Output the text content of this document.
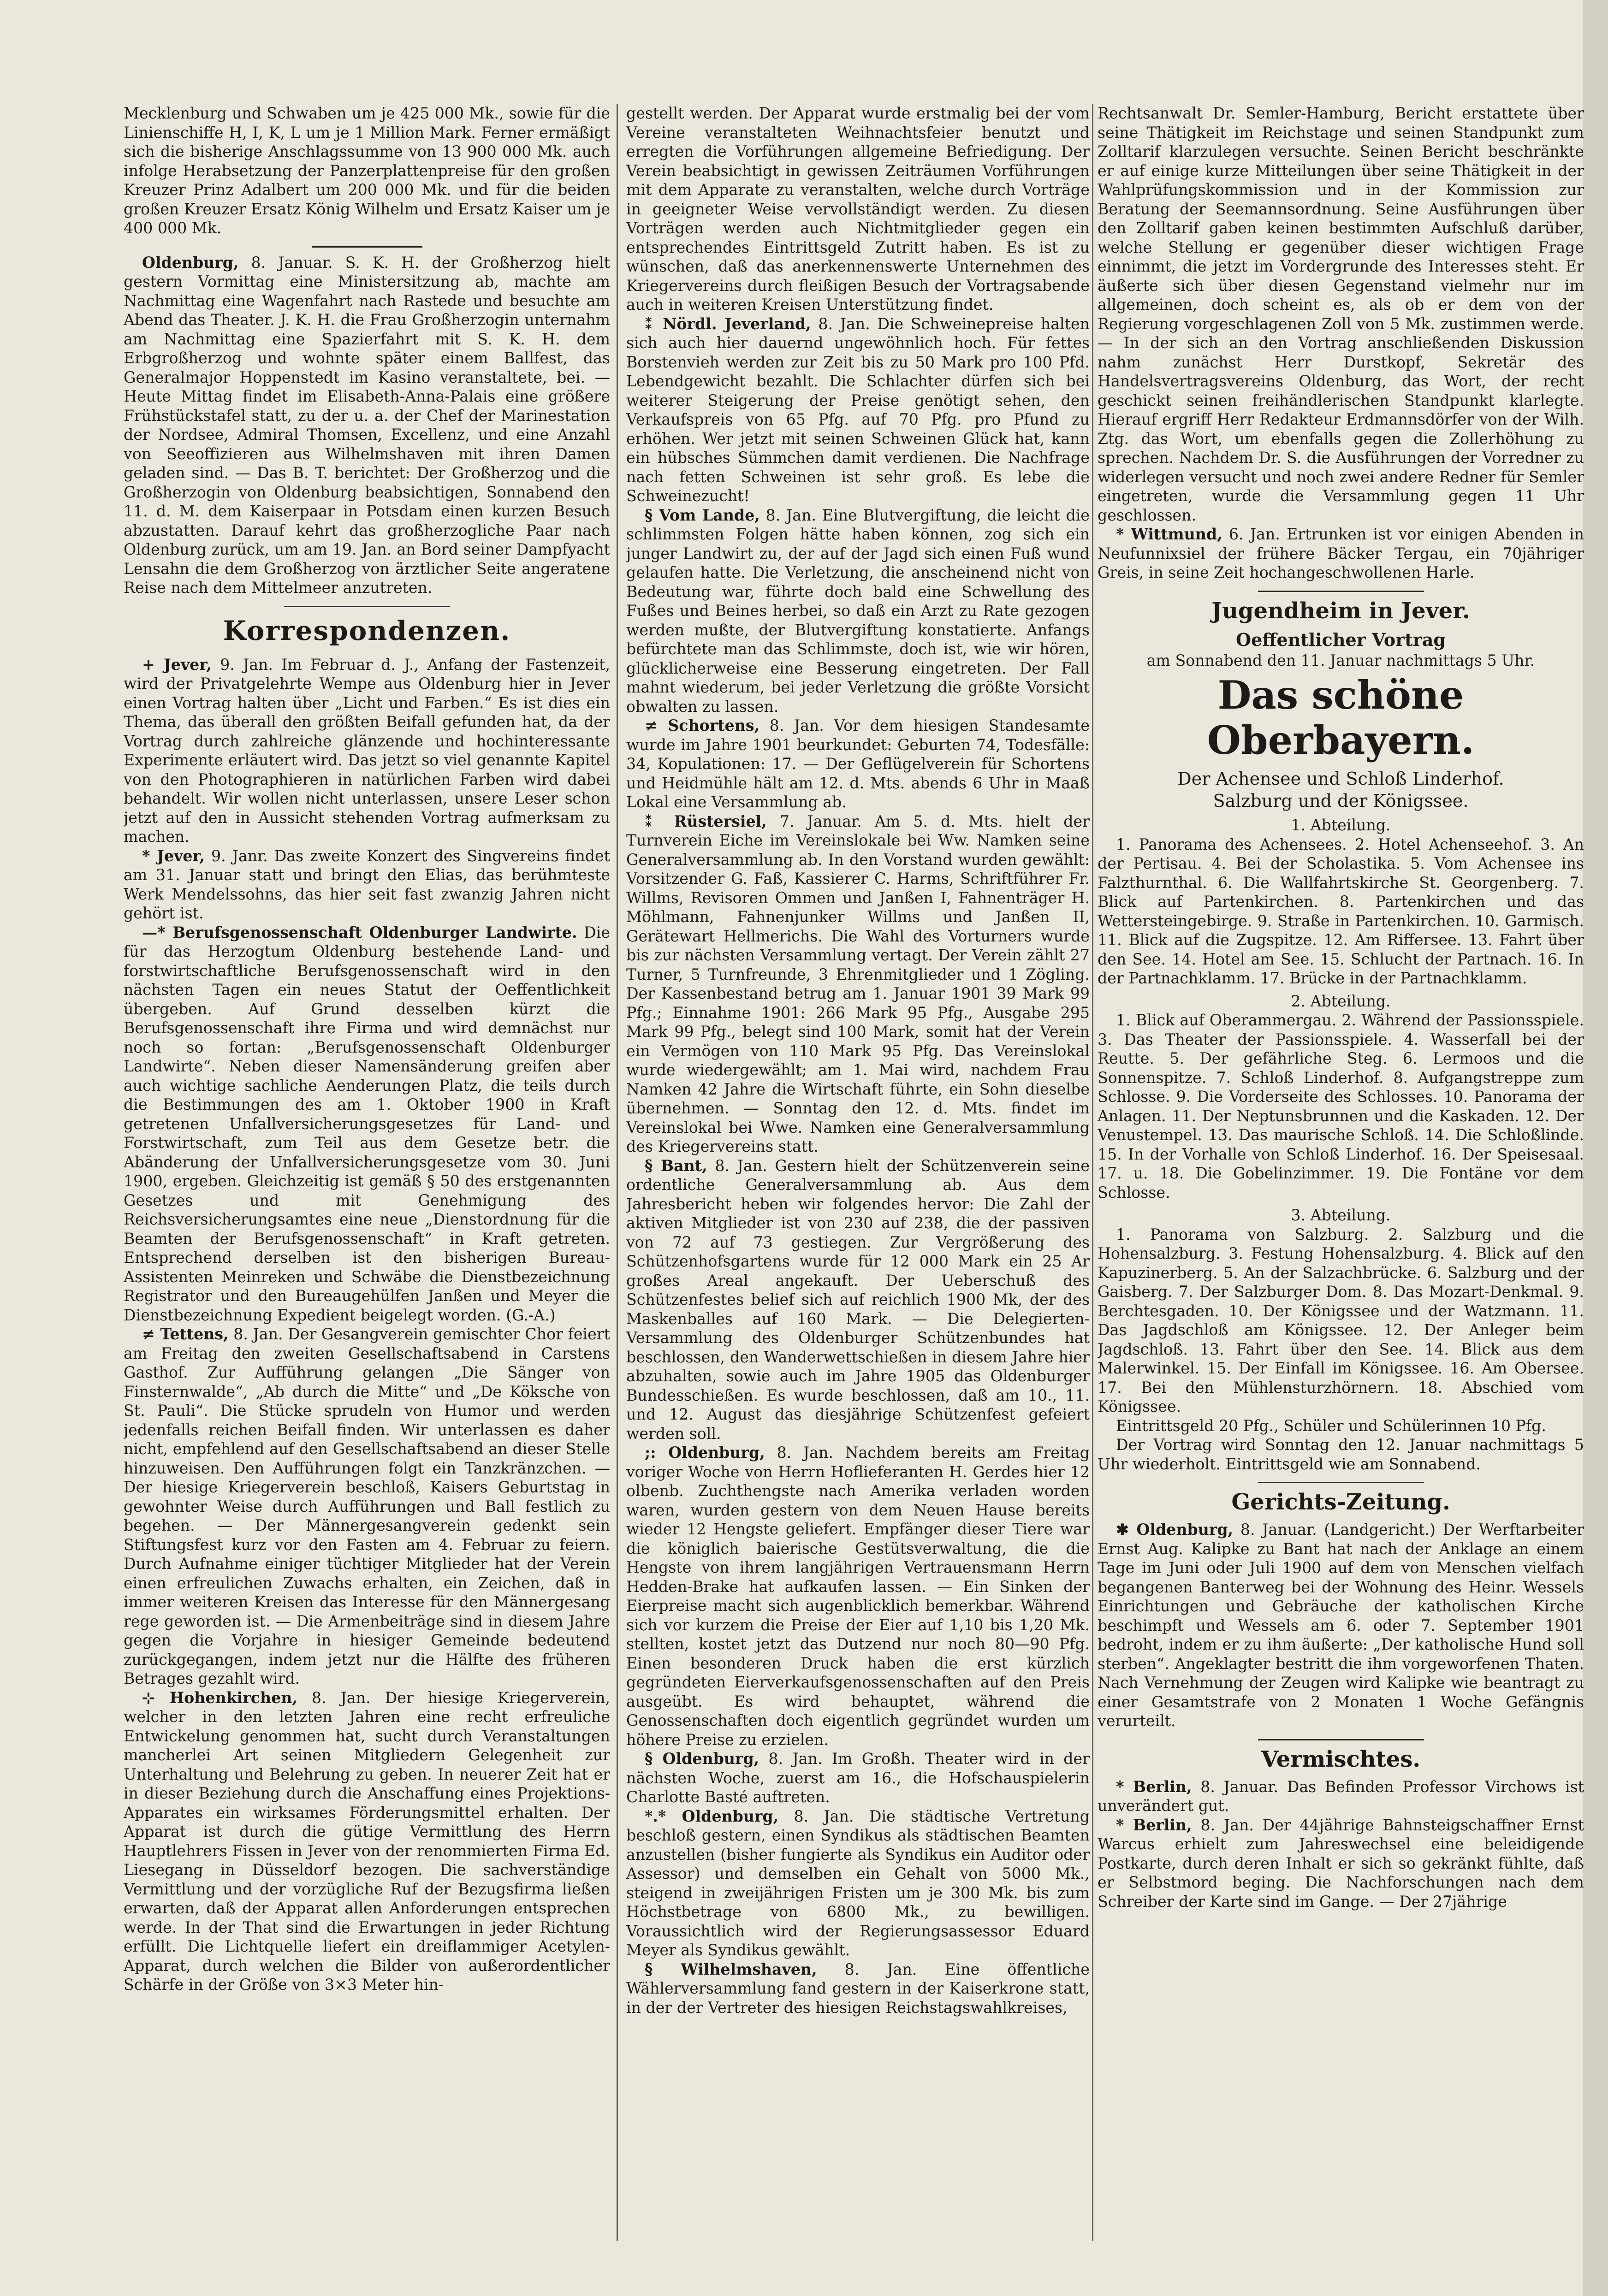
Mecklenburg und Schwaben um je 425 000 Mk., sowie für die Linienschiffe H, I, K, L um je 1 Million Mark. Ferner ermäßigt sich die bisherige Anschlagssumme von 13 900 000 Mk. auch infolge Herabsetzung der Panzerplattenpreise für den großen Kreuzer Prinz Adalbert um 200 000 Mk. und für die beiden großen Kreuzer Ersatz König Wilhelm und Ersatz Kaiser um je 400 000 Mk.

Oldenburg, 8. Januar. S. K. H. der Großherzog hielt gestern Vormittag eine Ministersitzung ab, machte am Nachmittag eine Wagenfahrt nach Rastede und besuchte am Abend das Theater. J. K. H. die Frau Großherzogin unternahm am Nachmittag eine Spazierfahrt mit S. K. H. dem Erbgroßherzog und wohnte später einem Ballfest, das Generalmajor Hoppenstedt im Kasino veranstaltete, bei. — Heute Mittag findet im Elisabeth-Anna-Palais eine größere Frühstückstafel statt, zu der u. a. der Chef der Marinestation der Nordsee, Admiral Thomsen, Excellenz, und eine Anzahl von Seeoffizieren aus Wilhelmshaven mit ihren Damen geladen sind. — Das B. T. berichtet: Der Großherzog und die Großherzogin von Oldenburg beabsichtigen, Sonnabend den 11. d. M. dem Kaiserpaar in Potsdam einen kurzen Besuch abzustatten. Darauf kehrt das großherzogliche Paar nach Oldenburg zurück, um am 19. Jan. an Bord seiner Dampfyacht Lensahn die dem Großherzog von ärztlicher Seite angeratene Reise nach dem Mittelmeer anzutreten.

Korrespondenzen.

+ Jever, 9. Jan. Im Februar d. J., Anfang der Fastenzeit, wird der Privatgelehrte Wempe aus Oldenburg hier in Jever einen Vortrag halten über „Licht und Farben.“ Es ist dies ein Thema, das überall den größten Beifall gefunden hat, da der Vortrag durch zahlreiche glänzende und hochinteressante Experimente erläutert wird. Das jetzt so viel genannte Kapitel von den Photographieren in natürlichen Farben wird dabei behandelt. Wir wollen nicht unterlassen, unsere Leser schon jetzt auf den in Aussicht stehenden Vortrag aufmerksam zu machen.

* Jever, 9. Janr. Das zweite Konzert des Singvereins findet am 31. Januar statt und bringt den Elias, das berühmteste Werk Mendelssohns, das hier seit fast zwanzig Jahren nicht gehört ist.

—* Berufsgenossenschaft Oldenburger Landwirte. Die für das Herzogtum Oldenburg bestehende Land- und forstwirtschaftliche Berufsgenossenschaft wird in den nächsten Tagen ein neues Statut der Oeffentlichkeit übergeben. Auf Grund desselben kürzt die Berufsgenossenschaft ihre Firma und wird demnächst nur noch so fortan: „Berufsgenossenschaft Oldenburger Landwirte“. Neben dieser Namensänderung greifen aber auch wichtige sachliche Aenderungen Platz, die teils durch die Bestimmungen des am 1. Oktober 1900 in Kraft getretenen Unfallversicherungsgesetzes für Land- und Forstwirtschaft, zum Teil aus dem Gesetze betr. die Abänderung der Unfallversicherungsgesetze vom 30. Juni 1900, ergeben. Gleichzeitig ist gemäß § 50 des erstgenannten Gesetzes und mit Genehmigung des Reichsversicherungsamtes eine neue „Dienstordnung für die Beamten der Berufsgenossenschaft“ in Kraft getreten. Entsprechend derselben ist den bisherigen Bureau-Assistenten Meinreken und Schwäbe die Dienstbezeichnung Registrator und den Bureaugehülfen Janßen und Meyer die Dienstbezeichnung Expedient beigelegt worden. (G.-A.)

≠ Tettens, 8. Jan. Der Gesangverein gemischter Chor feiert am Freitag den zweiten Gesellschaftsabend in Carstens Gasthof. Zur Aufführung gelangen „Die Sänger von Finsternwalde“, „Ab durch die Mitte“ und „De Köksche von St. Pauli“. Die Stücke sprudeln von Humor und werden jedenfalls reichen Beifall finden. Wir unterlassen es daher nicht, empfehlend auf den Gesellschaftsabend an dieser Stelle hinzuweisen. Den Aufführungen folgt ein Tanzkränzchen. — Der hiesige Kriegerverein beschloß, Kaisers Geburtstag in gewohnter Weise durch Aufführungen und Ball festlich zu begehen. — Der Männergesangverein gedenkt sein Stiftungsfest kurz vor den Fasten am 4. Februar zu feiern. Durch Aufnahme einiger tüchtiger Mitglieder hat der Verein einen erfreulichen Zuwachs erhalten, ein Zeichen, daß in immer weiteren Kreisen das Interesse für den Männergesang rege geworden ist. — Die Armenbeiträge sind in diesem Jahre gegen die Vorjahre in hiesiger Gemeinde bedeutend zurückgegangen, indem jetzt nur die Hälfte des früheren Betrages gezahlt wird.

⊹ Hohenkirchen, 8. Jan. Der hiesige Kriegerverein, welcher in den letzten Jahren eine recht erfreuliche Entwickelung genommen hat, sucht durch Veranstaltungen mancherlei Art seinen Mitgliedern Gelegenheit zur Unterhaltung und Belehrung zu geben. In neuerer Zeit hat er in dieser Beziehung durch die Anschaffung eines Projektions-Apparates ein wirksames Förderungsmittel erhalten. Der Apparat ist durch die gütige Vermittlung des Herrn Hauptlehrers Fissen in Jever von der renommierten Firma Ed. Liesegang in Düsseldorf bezogen. Die sachverständige Vermittlung und der vorzügliche Ruf der Bezugsfirma ließen erwarten, daß der Apparat allen Anforderungen entsprechen werde. In der That sind die Erwartungen in jeder Richtung erfüllt. Die Lichtquelle liefert ein dreiflammiger Acetylen-Apparat, durch welchen die Bilder von außerordentlicher Schärfe in der Größe von 3×3 Meter hin-

gestellt werden. Der Apparat wurde erstmalig bei der vom Vereine veranstalteten Weihnachtsfeier benutzt und erregten die Vorführungen allgemeine Befriedigung. Der Verein beabsichtigt in gewissen Zeiträumen Vorführungen mit dem Apparate zu veranstalten, welche durch Vorträge in geeigneter Weise vervollständigt werden. Zu diesen Vorträgen werden auch Nichtmitglieder gegen ein entsprechendes Eintrittsgeld Zutritt haben. Es ist zu wünschen, daß das anerkennenswerte Unternehmen des Kriegervereins durch fleißigen Besuch der Vortragsabende auch in weiteren Kreisen Unterstützung findet.

⁑ Nördl. Jeverland, 8. Jan. Die Schweinepreise halten sich auch hier dauernd ungewöhnlich hoch. Für fettes Borstenvieh werden zur Zeit bis zu 50 Mark pro 100 Pfd. Lebendgewicht bezahlt. Die Schlachter dürfen sich bei weiterer Steigerung der Preise genötigt sehen, den Verkaufspreis von 65 Pfg. auf 70 Pfg. pro Pfund zu erhöhen. Wer jetzt mit seinen Schweinen Glück hat, kann ein hübsches Sümmchen damit verdienen. Die Nachfrage nach fetten Schweinen ist sehr groß. Es lebe die Schweinezucht!

§ Vom Lande, 8. Jan. Eine Blutvergiftung, die leicht die schlimmsten Folgen hätte haben können, zog sich ein junger Landwirt zu, der auf der Jagd sich einen Fuß wund gelaufen hatte. Die Verletzung, die anscheinend nicht von Bedeutung war, führte doch bald eine Schwellung des Fußes und Beines herbei, so daß ein Arzt zu Rate gezogen werden mußte, der Blutvergiftung konstatierte. Anfangs befürchtete man das Schlimmste, doch ist, wie wir hören, glücklicherweise eine Besserung eingetreten. Der Fall mahnt wiederum, bei jeder Verletzung die größte Vorsicht obwalten zu lassen.

≠ Schortens, 8. Jan. Vor dem hiesigen Standesamte wurde im Jahre 1901 beurkundet: Geburten 74, Todesfälle: 34, Kopulationen: 17. — Der Geflügelverein für Schortens und Heidmühle hält am 12. d. Mts. abends 6 Uhr in Maaß Lokal eine Versammlung ab.

⁑ Rüstersiel, 7. Januar. Am 5. d. Mts. hielt der Turnverein Eiche im Vereinslokale bei Ww. Namken seine Generalversammlung ab. In den Vorstand wurden gewählt: Vorsitzender G. Faß, Kassierer C. Harms, Schriftführer Fr. Willms, Revisoren Ommen und Janßen I, Fahnenträger H. Möhlmann, Fahnenjunker Willms und Janßen II, Gerätewart Hellmerichs. Die Wahl des Vorturners wurde bis zur nächsten Versammlung vertagt. Der Verein zählt 27 Turner, 5 Turnfreunde, 3 Ehrenmitglieder und 1 Zögling. Der Kassenbestand betrug am 1. Januar 1901 39 Mark 99 Pfg.; Einnahme 1901: 266 Mark 95 Pfg., Ausgabe 295 Mark 99 Pfg., belegt sind 100 Mark, somit hat der Verein ein Vermögen von 110 Mark 95 Pfg. Das Vereinslokal wurde wiedergewählt; am 1. Mai wird, nachdem Frau Namken 42 Jahre die Wirtschaft führte, ein Sohn dieselbe übernehmen. — Sonntag den 12. d. Mts. findet im Vereinslokal bei Wwe. Namken eine Generalversammlung des Kriegervereins statt.

§ Bant, 8. Jan. Gestern hielt der Schützenverein seine ordentliche Generalversammlung ab. Aus dem Jahresbericht heben wir folgendes hervor: Die Zahl der aktiven Mitglieder ist von 230 auf 238, die der passiven von 72 auf 73 gestiegen. Zur Vergrößerung des Schützenhofsgartens wurde für 12 000 Mark ein 25 Ar großes Areal angekauft. Der Ueberschuß des Schützenfestes belief sich auf reichlich 1900 Mk, der des Maskenballes auf 160 Mark. — Die Delegierten-Versammlung des Oldenburger Schützenbundes hat beschlossen, den Wanderwettschießen in diesem Jahre hier abzuhalten, sowie auch im Jahre 1905 das Oldenburger Bundesschießen. Es wurde beschlossen, daß am 10., 11. und 12. August das diesjährige Schützenfest gefeiert werden soll.

;: Oldenburg, 8. Jan. Nachdem bereits am Freitag voriger Woche von Herrn Hoflieferanten H. Gerdes hier 12 olbenb. Zuchthengste nach Amerika verladen worden waren, wurden gestern von dem Neuen Hause bereits wieder 12 Hengste geliefert. Empfänger dieser Tiere war die königlich baierische Gestütsverwaltung, die die Hengste von ihrem langjährigen Vertrauensmann Herrn Hedden-Brake hat aufkaufen lassen. — Ein Sinken der Eierpreise macht sich augenblicklich bemerkbar. Während sich vor kurzem die Preise der Eier auf 1,10 bis 1,20 Mk. stellten, kostet jetzt das Dutzend nur noch 80—90 Pfg. Einen besonderen Druck haben die erst kürzlich gegründeten Eierverkaufsgenossenschaften auf den Preis ausgeübt. Es wird behauptet, während die Genossenschaften doch eigentlich gegründet wurden um höhere Preise zu erzielen.

§ Oldenburg, 8. Jan. Im Großh. Theater wird in der nächsten Woche, zuerst am 16., die Hofschauspielerin Charlotte Basté auftreten.

*.* Oldenburg, 8. Jan. Die städtische Vertretung beschloß gestern, einen Syndikus als städtischen Beamten anzustellen (bisher fungierte als Syndikus ein Auditor oder Assessor) und demselben ein Gehalt von 5000 Mk., steigend in zweijährigen Fristen um je 300 Mk. bis zum Höchstbetrage von 6800 Mk., zu bewilligen. Voraussichtlich wird der Regierungsassessor Eduard Meyer als Syndikus gewählt.

§ Wilhelmshaven, 8. Jan. Eine öffentliche Wählerversammlung fand gestern in der Kaiserkrone statt, in der der Vertreter des hiesigen Reichstagswahlkreises,

Rechtsanwalt Dr. Semler-Hamburg, Bericht erstattete über seine Thätigkeit im Reichstage und seinen Standpunkt zum Zolltarif klarzulegen versuchte. Seinen Bericht beschränkte er auf einige kurze Mitteilungen über seine Thätigkeit in der Wahlprüfungskommission und in der Kommission zur Beratung der Seemannsordnung. Seine Ausführungen über den Zolltarif gaben keinen bestimmten Aufschluß darüber, welche Stellung er gegenüber dieser wichtigen Frage einnimmt, die jetzt im Vordergrunde des Interesses steht. Er äußerte sich über diesen Gegenstand vielmehr nur im allgemeinen, doch scheint es, als ob er dem von der Regierung vorgeschlagenen Zoll von 5 Mk. zustimmen werde. — In der sich an den Vortrag anschließenden Diskussion nahm zunächst Herr Durstkopf, Sekretär des Handelsvertragsvereins Oldenburg, das Wort, der recht geschickt seinen freihändlerischen Standpunkt klarlegte. Hierauf ergriff Herr Redakteur Erdmannsdörfer von der Wilh. Ztg. das Wort, um ebenfalls gegen die Zollerhöhung zu sprechen. Nachdem Dr. S. die Ausführungen der Vorredner zu widerlegen versucht und noch zwei andere Redner für Semler eingetreten, wurde die Versammlung gegen 11 Uhr geschlossen.

* Wittmund, 6. Jan. Ertrunken ist vor einigen Abenden in Neufunnixsiel der frühere Bäcker Tergau, ein 70jähriger Greis, in seine Zeit hochangeschwollenen Harle.

Jugendheim in Jever.

Oeffentlicher Vortrag

am Sonnabend den 11. Januar nachmittags 5 Uhr.

Das schöne Oberbayern.

Der Achensee und Schloß Linderhof.

Salzburg und der Königssee.

1. Abteilung.

1. Panorama des Achensees. 2. Hotel Achenseehof. 3. An der Pertisau. 4. Bei der Scholastika. 5. Vom Achensee ins Falzthurnthal. 6. Die Wallfahrtskirche St. Georgenberg. 7. Blick auf Partenkirchen. 8. Partenkirchen und das Wettersteingebirge. 9. Straße in Partenkirchen. 10. Garmisch. 11. Blick auf die Zugspitze. 12. Am Riffersee. 13. Fahrt über den See. 14. Hotel am See. 15. Schlucht der Partnach. 16. In der Partnachklamm. 17. Brücke in der Partnachklamm.

2. Abteilung.

1. Blick auf Oberammergau. 2. Während der Passionsspiele. 3. Das Theater der Passionsspiele. 4. Wasserfall bei der Reutte. 5. Der gefährliche Steg. 6. Lermoos und die Sonnenspitze. 7. Schloß Linderhof. 8. Aufgangstreppe zum Schlosse. 9. Die Vorderseite des Schlosses. 10. Panorama der Anlagen. 11. Der Neptunsbrunnen und die Kaskaden. 12. Der Venustempel. 13. Das maurische Schloß. 14. Die Schloßlinde. 15. In der Vorhalle von Schloß Linderhof. 16. Der Speisesaal. 17. u. 18. Die Gobelinzimmer. 19. Die Fontäne vor dem Schlosse.

3. Abteilung.

1. Panorama von Salzburg. 2. Salzburg und die Hohensalzburg. 3. Festung Hohensalzburg. 4. Blick auf den Kapuzinerberg. 5. An der Salzachbrücke. 6. Salzburg und der Gaisberg. 7. Der Salzburger Dom. 8. Das Mozart-Denkmal. 9. Berchtesgaden. 10. Der Königssee und der Watzmann. 11. Das Jagdschloß am Königssee. 12. Der Anleger beim Jagdschloß. 13. Fahrt über den See. 14. Blick aus dem Malerwinkel. 15. Der Einfall im Königssee. 16. Am Obersee. 17. Bei den Mühlensturzhörnern. 18. Abschied vom Königssee.

Eintrittsgeld 20 Pfg., Schüler und Schülerinnen 10 Pfg.

Der Vortrag wird Sonntag den 12. Januar nachmittags 5 Uhr wiederholt. Eintrittsgeld wie am Sonnabend.

Gerichts-Zeitung.

✱ Oldenburg, 8. Januar. (Landgericht.) Der Werftarbeiter Ernst Aug. Kalipke zu Bant hat nach der Anklage an einem Tage im Juni oder Juli 1900 auf dem von Menschen vielfach begangenen Banterweg bei der Wohnung des Heinr. Wessels Einrichtungen und Gebräuche der katholischen Kirche beschimpft und Wessels am 6. oder 7. September 1901 bedroht, indem er zu ihm äußerte: „Der katholische Hund soll sterben“. Angeklagter bestritt die ihm vorgeworfenen Thaten. Nach Vernehmung der Zeugen wird Kalipke wie beantragt zu einer Gesamtstrafe von 2 Monaten 1 Woche Gefängnis verurteilt.

Vermischtes.

* Berlin, 8. Januar. Das Befinden Professor Virchows ist unverändert gut.

* Berlin, 8. Jan. Der 44jährige Bahnsteigschaffner Ernst Warcus erhielt zum Jahreswechsel eine beleidigende Postkarte, durch deren Inhalt er sich so gekränkt fühlte, daß er Selbstmord beging. Die Nachforschungen nach dem Schreiber der Karte sind im Gange. — Der 27jährige
